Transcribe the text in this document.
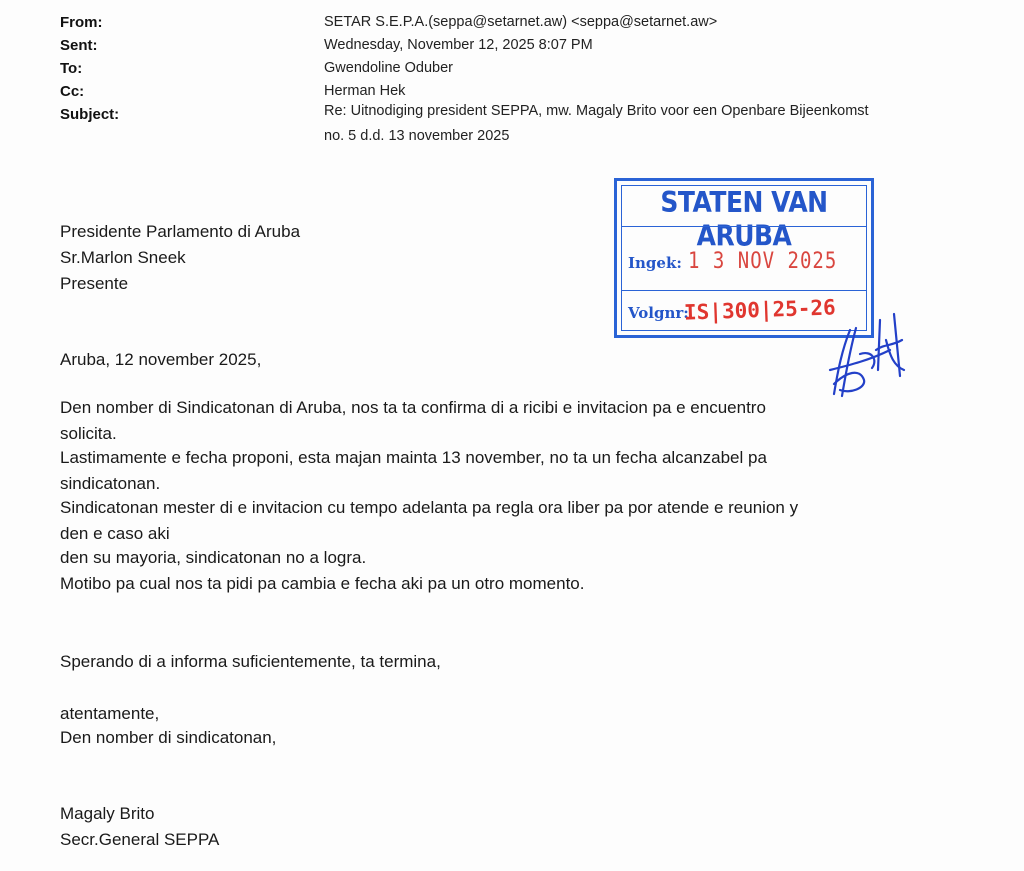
From:	SETAR S.E.P.A.(seppa@setarnet.aw) <seppa@setarnet.aw>
Sent:	Wednesday, November 12, 2025 8:07 PM
To:	Gwendoline Oduber
Cc:	Herman Hek
Subject:	Re: Uitnodiging president SEPPA, mw. Magaly Brito voor een Openbare Bijeenkomst
no. 5 d.d. 13 november 2025
Presidente Parlamento di Aruba
Sr.Marlon Sneek
Presente
Aruba, 12 november 2025,
Den nomber di Sindicatonan di Aruba, nos ta ta confirma di a ricibi e invitacion pa e encuentro
solicita.
Lastimamente e fecha proponi, esta majan mainta 13 november, no ta un fecha alcanzabel pa
sindicatonan.
Sindicatonan mester di e invitacion cu tempo adelanta pa regla ora liber pa por atende e reunion y
den e caso aki
den su mayoria, sindicatonan no a logra.
Motibo pa cual nos ta pidi pa cambia e fecha aki pa un otro momento.
Sperando di a informa suficientemente, ta termina,
atentamente,
Den nomber di sindicatonan,
Magaly Brito
Secr.General SEPPA
STATEN VAN ARUBA
Ingek: 1 3 NOV 2025
Volgnr:
IS|300|25-26
